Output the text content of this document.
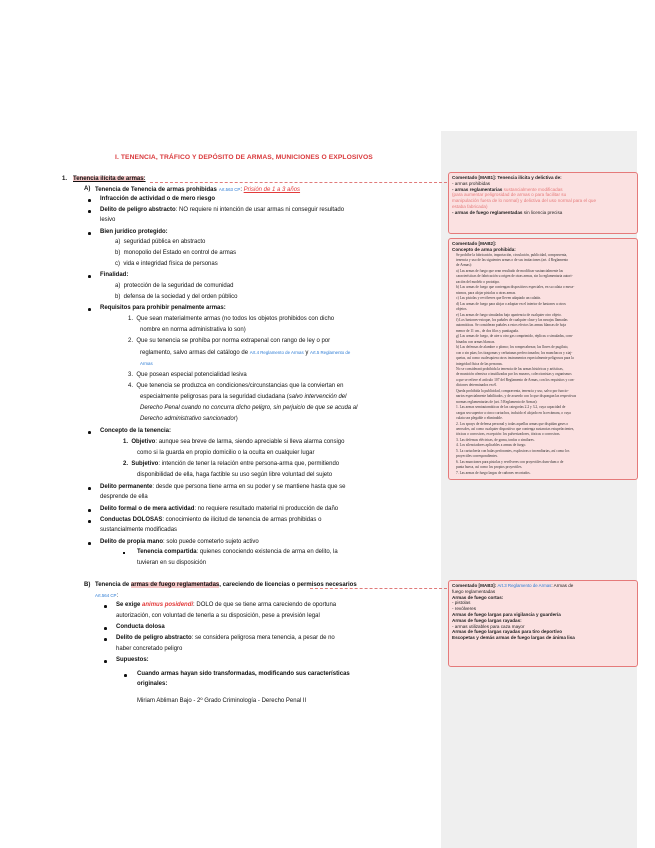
I. TENENCIA, TRÁFICO Y DEPÓSITO DE ARMAS, MUNICIONES O EXPLOSIVOS
1. Tenencia ilícita de armas:
A) Tenencia de Tenencia de armas prohibidas Art.563 CP: Prisión de 1 a 3 años
Infracción de actividad o de mero riesgo
Delito de peligro abstracto: NO requiere ni intención de usar armas ni conseguir resultado
lesivo
Bien jurídico protegido:
a)  seguridad pública en abstracto
b)  monopolio del Estado en control de armas
c)  vida e integridad física de personas
Finalidad:
a)  protección de la seguridad de comunidad
b)  defensa de la sociedad y del orden público
Requisitos para prohibir penalmente armas:
1.  Que sean materialmente armas (no todos los objetos prohibidos con dicho
nombre en norma administrativa lo son)
2.  Que su tenencia se prohíba por norma extrapenal con rango de ley o por
reglamento, salvo armas del catálogo de Art.4 Reglamento de Armas y Art.5 Reglamento de
Armas
3.  Que posean especial potencialidad lesiva
4.  Que tenencia se produzca en condiciones/circunstancias que la conviertan en
especialmente peligrosas para la seguridad ciudadana (salvo intervención del
Derecho Penal cuando no concurra dicho peligro, sin perjuicio de que se acuda al
Derecho administrativo sancionador)
Concepto de la tenencia:
1.  Objetivo: aunque sea breve de larma, siendo apreciable si lleva alarma consigo
como si la guarda en propio domicilio o la oculta en cualquier lugar
2.  Subjetivo: intención de tener la relación entre persona-arma que, permitiendo
disponibilidad de ella, haga factible su uso según libre voluntad del sujeto
Delito permanente: desde que persona tiene arma en su poder y se mantiene hasta que se
desprende de ella
Delito formal o de mera actividad: no requiere resultado material ni producción de daño
Conductas DOLOSAS: conocimiento de ilicitud de tenencia de armas prohibidas o
sustancialmente modificadas
Delito de propia mano: solo puede cometerlo sujeto activo
Tenencia compartida: quienes conociendo existencia de arma en delito, la
tuvieran en su disposición
B) Tenencia de armas de fuego reglamentadas, careciendo de licencias o permisos necesarios
Art.564 CP:
Se exige animus posidendi: DOLO de que se tiene arma careciendo de oportuna
autorización, con voluntad de tenerla a su disposición, pese a previsión legal
Conducta dolosa
Delito de peligro abstracto: se considera peligrosa mera tenencia, a pesar de no
haber concretado peligro
Supuestos:
Cuando armas hayan sido transformadas, modificando sus características
originales:
Miriam Abliman Bajo - 2º Grado Criminología - Derecho Penal II
Comentado [MAB1]: Tenencia ilícita y delictiva de:
- armas prohibidas
- armas reglamentarias sustancialmente modificadas
(para aumentar peligrosidad de armas o para facilitar su
manipulación fuera de lo normal) y delictiva del uso normal para el que
estaba fabricada)
- armas de fuego reglamentadas sin licencia precisa
Comentado [MAB2]:
Concepto de arma prohibida:
Se prohíbe la fabricación, importación, circulación, publicidad, compraventa,
tenencia y uso de las siguientes armas o de sus imitaciones (art. 4 Reglamento
de Armas):
a) Las armas de fuego que sean resultado de modificar sustancialmente las
características de fabricación u origen de otras armas, sin la reglamentaria autori-
zación del modelo o prototipo.
b) Las armas de fuego que contengan dispositivos especiales, en su culata o meca-
nismos, para alojar pistolas u otras armas.
c) Las pistolas y revólveres que lleven adaptado un culatín.
d) Las armas de fuego para alojar o adaptar en el interior de bastones u otros
objetos.
e) Las armas de fuego simuladas bajo apariencia de cualquier otro objeto.
f) Los bastones-estoque, los puñales de cualquier clase y las navajas llamadas
automáticas. Se consideran puñales a estos efectos las armas blancas de hoja
menor de 11 cm., de dos filos y puntiaguda.
g) Las armas de fuego, de aire u otro gas comprimido, réplicas o simuladas, com-
binadas con armas blancas.
h) Las defensas de alambre o plomo; los rompecabezas; las llaves de pugilato,
con o sin púas; los tiragomas y cerbatanas perfeccionados; los munchacos y xiaj-
quetas, así como cualesquiera otros instrumentos especialmente peligrosos para la
integridad física de las personas.
No se considerará prohibida la tenencia de las armas históricas y artísticas,
de munición ofensiva o inutilizadas por los museos, coleccionistas y organismos
a que se refiere el artículo 107 del Reglamento de Armas, con los requisitos y con-
diciones determinados en él.
Queda prohibida la publicidad, compraventa, tenencia y uso, salvo por funcio-
narios especialmente habilitados, y de acuerdo con lo que dispongan las respectivas
normas reglamentarias de (art. 5 Reglamento de Armas):
1. Las armas semiautomáticas de las categorías 2.2 y 3.2, cuya capacidad de
cargas sea superior a cinco cartuchos, incluido el alojado en la recámara, o cuya
culata sea plegable o eliminable.
2. Los sprays de defensa personal y todas aquellas armas que dispidan gases o
aerosoles, así como cualquier dispositivo que contenga sustancias estupefacientes,
tóxicas o corrosivas, excepción: los pulverizadores, tóxicas o corrosivas.
3. Las defensas eléctricas, de goma, tonfas o similares.
4. Los silenciadores aplicables a armas de fuego.
5. La cartuchería con balas perforantes, explosivas o incendiarias, así como los
proyectiles correspondientes.
6. Las munciones para pistolas y revólveres con proyectiles dum-dum o de
punta hueca, así como los propios proyectiles.
7. Las armas de fuego largas de cañones recortados.
Comentado [MAB3]: Art.3 Reglamento de Armas: Armas de
fuego reglamentadas
Armas de fuego cortas:
- pistolas
- revólveres
Armas de fuego largas para vigilancia y guardería
Armas de fuego largas rayadas:
- armas utilizables para caza mayor
Armas de fuego largas rayadas para tiro deportivo
Escopetas y demás armas de fuego largas de ánima lisa
